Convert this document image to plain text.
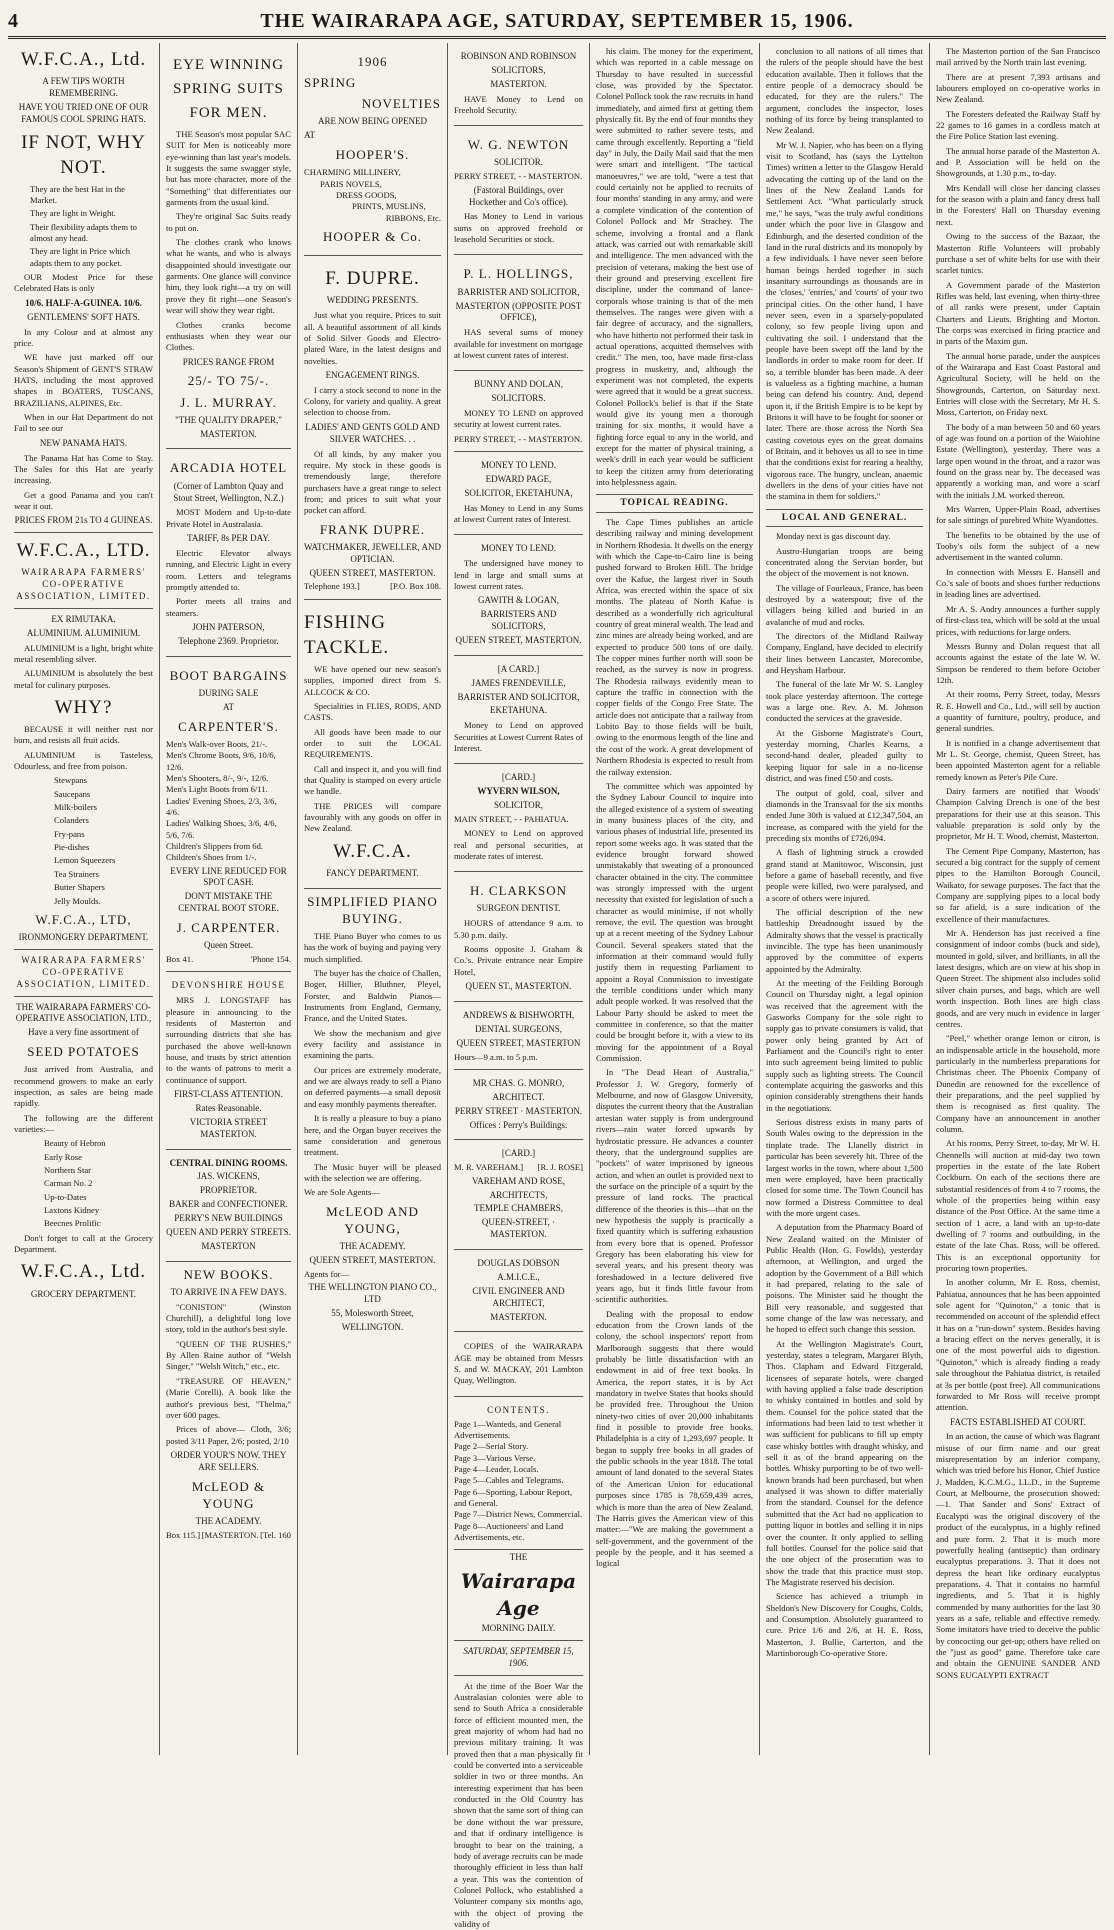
4	THE WAIRARAPA AGE, SATURDAY, SEPTEMBER 15, 1906.
W.F.C.A., Ltd.
A FEW TIPS WORTH REMEMBERING.
HAVE YOU TRIED ONE OF OUR FAMOUS COOL SPRING HATS.
IF NOT, WHY NOT.
They are the best Hat in the Market.
They are light in Weight.
Their flexibility adapts them to almost any head.
They are light in Price which adapts them to any pocket.

OUR Modest Price for these Celebrated Hats is only

10/6. HALF-A-GUINEA. 10/6.
GENTLEMENS' SOFT HATS.

In any Colour and at almost any price.

WE have just marked off our Season's Shipment of GENT'S STRAW HATS, including the most approved shapes in BOATERS, TUSCANS, BRAZILIANS, ALPINES, Etc.

When in our Hat Department do not Fail to see our

NEW PANAMA HATS.

The Panama Hat has Come to Stay. The Sales for this Hat are yearly increasing.

Get a good Panama and you can't wear it out.

PRICES FROM 21s TO 4 GUINEAS.
W.F.C.A., LTD.
WAIRARAPA FARMERS' CO-OPERATIVE ASSOCIATION, LIMITED.
EX RIMUTAKA.
ALUMINIUM. ALUMINIUM.

ALUMINIUM is a light, bright white metal resembling silver.

ALUMINIUM is absolutely the best metal for culinary purposes.

WHY?

BECAUSE it will neither rust nor burn, and resists all fruit acids.

ALUMINIUM is Tasteless, Odourless, and free from poison.

Stewpans
Saucepans
Milk-boilers
Colanders
Fry-pans
Pie-dishes
Lemon Squeezers
Tea Strainers
Butter Shapers
Jelly Moulds.
W.F.C.A., LTD,
IRONMONGERY DEPARTMENT.
WAIRARAPA FARMERS' CO-OPERATIVE ASSOCIATION, LIMITED.
THE WAIRARAPA FARMERS' CO-OPERATIVE ASSOCIATION, LTD.,
Have a very fine assortment of
SEED POTATOES

Just arrived from Australia, and recommend growers to make an early inspection, as sales are being made rapidly.

The following are the different varieties:—

Beauty of Hebron
Early Rose
Northern Star
Carman No. 2
Up-to-Dates
Laxtons Kidney
Beecnes Prolific

Don't forget to call at the Grocery Department.

W.F.C.A., Ltd.
GROCERY DEPARTMENT.
EYE WINNING SPRING SUITS FOR MEN.

THE Season's most popular SAC SUIT for Men is noticeably more eye-winning than last year's models. It suggests the same swagger style, but has more character, more of the "Something" that differentiates our garments from the usual kind.

They're original Sac Suits ready to put on.

The clothes crank who knows what he wants, and who is always disappointed should investigate our garments. One glance will convince him, they look right—a try on will prove they fit right—one Season's wear will show they wear right.

Clothes cranks become enthusiasts when they wear our Clothes.

PRICES RANGE FROM
25/- TO 75/-.
J. L. MURRAY.
"THE QUALITY DRAPER,"
MASTERTON.
ARCADIA HOTEL
(Corner of Lambton Quay and Stout Street, Wellington, N.Z.)

MOST Modern and Up-to-date Private Hotel in Australasia.

TARIFF, 8s PER DAY.

Electric Elevator always running, and Electric Light in every room. Letters and telegrams promptly attended to.

Porter meets all trains and steamers.

JOHN PATERSON,
Telephone 2369. Proprietor.
BOOT BARGAINS
DURING SALE
AT
CARPENTER'S.
Men's Walk-over Boots, 21/-.
Men's Chrome Boots, 9/6, 10/6, 12/6.
Men's Shooters, 8/-, 9/-, 12/6.
Men's Light Boots from 6/11.
Ladies' Evening Shoes, 2/3, 3/6, 4/6.
Ladies' Walking Shoes, 3/6, 4/6, 5/6, 7/6.
Children's Slippers from 6d.
Children's Shoes from 1/-.
EVERY LINE REDUCED FOR SPOT CASH.
DON'T MISTAKE THE CENTRAL BOOT STORE.
J. CARPENTER.
Queen Street.
Box 41.	'Phone 154.
DEVONSHIRE HOUSE

MRS J. LONGSTAFF has pleasure in announcing to the residents of Masterton and surrounding districts that she has purchased the above well-known house, and trusts by strict attention to the wants of patrons to merit a continuance of support.

FIRST-CLASS ATTENTION.
Rates Reasonable.
VICTORIA STREET MASTERTON.
CENTRAL DINING ROOMS.
JAS. WICKENS,
PROPRIETOR.
BAKER and CONFECTIONER.
PERRY'S NEW BUILDINGS
QUEEN AND PERRY STREETS.
MASTERTON
NEW BOOKS.
TO ARRIVE IN A FEW DAYS.

"CONISTON" (Winston Churchill), a delightful long love story, told in the author's best style.

"QUEEN OF THE RUSHES," By Allen Raine author of "Welsh Singer," "Welsh Witch," etc., etc.

"TREASURE OF HEAVEN," (Marie Corelli). A book like the author's previous best, "Thelma," over 600 pages.

Prices of above— Cloth, 3/6; posted 3/11 Paper, 2/6; posted, 2/10

ORDER YOUR'S NOW. THEY ARE SELLERS.
McLEOD & YOUNG
THE ACADEMY.
Box 115.] [MASTERTON. [Tel. 160
1906
SPRING
NOVELTIES
ARE NOW BEING OPENED
AT
HOOPER'S.
CHARMING MILLINERY,
PARIS NOVELS,
DRESS GOODS,
PRINTS, MUSLINS,
RIBBONS, Etc.
HOOPER & Co.
F. DUPRE.
WEDDING PRESENTS.

Just what you require. Prices to suit all. A beautiful assortment of all kinds of Solid Silver Goods and Electro-plated Ware, in the latest designs and novelties.

ENGAGEMENT RINGS.

I carry a stock second to none in the Colony, for variety and quality. A great selection to choose from.

LADIES' AND GENTS GOLD AND SILVER WATCHES. . .

Of all kinds, by any maker you require. My stock in these goods is tremendously large, therefore purchasers have a great range to select from; and prices to suit what your pocket can afford.

FRANK DUPRE.
WATCHMAKER, JEWELLER, AND OPTICIAN.
QUEEN STREET, MASTERTON.
Telephone 193.]	[P.O. Box 108.
FISHING TACKLE.

WE have opened our new season's supplies, imported direct from S. ALLCOCK & CO.

Specialities in FLIES, RODS, AND CASTS.

All goods have been made to our order to suit the LOCAL REQUIREMENTS.

Call and inspect it, and you will find that Quality is stamped on every article we handle.

THE PRICES will compare favourably with any goods on offer in New Zealand.

W.F.C.A.
FANCY DEPARTMENT.
SIMPLIFIED PIANO BUYING.

THE Piano Buyer who comes to us has the work of buying and paying very much simplified.

The buyer has the choice of Challen, Boger, Hillier, Bluthner, Pleyel, Forster, and Baldwin Pianos—Instruments from England, Germany, France, and the United States.

We show the mechanism and give every facility and assistance in examining the parts.

Our prices are extremely moderate, and we are always ready to sell a Piano on deferred payments—a small deposit and easy monthly payments thereafter.

It is really a pleasure to buy a piano here, and the Organ buyer receives the same consideration and generous treatment.

The Music buyer will be pleased with the selection we are offering.

We are Sole Agents—
McLEOD AND YOUNG,
THE ACADEMY.
QUEEN STREET, MASTERTON.
Agents for—
THE WELLINGTON PIANO CO., LTD
55, Molesworth Street,
WELLINGTON.
ROBINSON AND ROBINSON
SOLICITORS,
MASTERTON.

HAVE Money to Lend on Freehold Security.

W. G. NEWTON
SOLICITOR.
PERRY STREET, - - MASTERTON.
(Fastoral Buildings, over Hockether and Co's office).

Has Money to Lend in various sums on approved freehold or leasehold Securities or stock.

P. L. HOLLINGS,
BARRISTER AND SOLICITOR,
MASTERTON (OPPOSITE POST OFFICE),

HAS several sums of money available for investment on mortgage at lowest current rates of interest.

BUNNY AND DOLAN,
SOLICITORS.

MONEY TO LEND on approved security at lowest current rates.

PERRY STREET, - - MASTERTON.
MONEY TO LEND.
EDWARD PAGE,
SOLICITOR, EKETAHUNA,

Has Money to Lend in any Sums at lowest Current rates of Interest.

MONEY TO LEND.

The undersigned have money to lend in large and small sums at lowest current rates.

GAWITH & LOGAN,
BARRISTERS AND SOLICITORS,
QUEEN STREET, MASTERTON.
[A CARD.]
JAMES FRENDEVILLE,
BARRISTER AND SOLICITOR,
EKETAHUNA.

Money to Lend on approved Securities at Lowest Current Rates of Interest.

[CARD.]
WYVERN WILSON,
SOLICITOR,
MAIN STREET, - - PAHIATUA.

MONEY to Lend on approved real and personal securities, at moderate rates of interest.

H. CLARKSON
SURGEON DENTIST.

HOURS of attendance 9 a.m. to 5.30 p.m. daily.

Rooms opposite J. Graham & Co.'s. Private entrance near Empire Hotel,

QUEEN ST., MASTERTON.
ANDREWS & BISHWORTH,
DENTAL SURGEONS,
QUEEN STREET, MASTERTON
Hours—9 a.m. to 5 p.m.
MR CHAS. G. MONRO,
ARCHITECT.
PERRY STREET · MASTERTON.
Offices : Perry's Buildings.
[CARD.]
M. R. VAREHAM.] [R. J. ROSE]
VAREHAM AND ROSE,
ARCHITECTS,
TEMPLE CHAMBERS,
QUEEN-STREET, · MASTERTON.
DOUGLAS DOBSON
A.M.I.C.E.,
CIVIL ENGINEER AND ARCHITECT,
MASTERTON.

COPIES of the WAIRARAPA AGE may be obtained from Messrs S. and W. MACKAY, 201 Lambton Quay, Wellington.

CONTENTS.
Page 1—Wanteds, and General Advertisements.
Page 2—Serial Story.
Page 3—Various Verse.
Page 4—Leader, Locals.
Page 5—Cables and Telegrams.
Page 6—Sporting, Labour Report, and General.
Page 7—District News, Commercial.
Page 8—Auctioneers' and Land Advertisements, etc.
THE
Wairarapa Age
MORNING DAILY.
SATURDAY, SEPTEMBER 15, 1906.

At the time of the Boer War the Australasian colonies were able to send to South Africa a considerable force of efficient mounted men, the great majority of whom had had no previous military training. It was proved then that a man physically fit could be converted into a serviceable soldier in two or three months. An interesting experiment that has been conducted in the Old Country has shown that the same sort of thing can be done without the war pressure, and that if ordinary intelligence is brought to bear on the training, a body of average recruits can be made thoroughly efficient in less than half a year. This was the contention of Colonel Pollock, who established a Volunteer company six months ago, with the object of proving the validity of

his claim. The money for the experiment, which was reported in a cable message on Thursday to have resulted in successful close, was provided by the Spectator. Colonel Pollock took the raw recruits in hand immediately, and aimed first at getting them physically fit. By the end of four months they were submitted to rather severe tests, and came through excellently. Reporting a "field day" in July, the Daily Mail said that the men were smart and intelligent. "The tactical manoeuvres," we are told, "were a test that could certainly not be applied to recruits of four months' standing in any army, and were a complete vindication of the contention of Colonel Pollock and Mr Strachey. The scheme, involving a frontal and a flank attack, was carried out with remarkable skill and intelligence. The men advanced with the precision of veterans, making the best use of their ground and preserving excellent fire discipline, under the command of lance-corporals whose training is that of the men themselves. The ranges were given with a fair degree of accuracy, and the signallers, who have hitherto not performed their task in actual operations, acquitted themselves with credit." The men, too, have made first-class progress in musketry, and, although the experiment was not completed, the experts were agreed that it would be a great success. Colonel Pollock's belief is that if the State would give its young men a thorough training for six months, it would have a fighting force equal to any in the world, and except for the matter of physical training, a week's drill in each year would be sufficient to keep the citizen army from deteriorating into helplessness again.

TOPICAL READING.

The Cape Times publishes an article describing railway and mining development in Northern Rhodesia. It dwells on the energy with which the Cape-to-Cairo line is being pushed forward to Broken Hill. The bridge over the Kafue, the largest river in South Africa, was erected within the space of six months. The plateau of North Kafue is described as a wonderfully rich agricultural country of great mineral wealth. The lead and zinc mines are already being worked, and are expected to produce 500 tons of ore daily. The copper mines further north will soon be reached, as the survey is now in progress. The Rhodesia railways evidently mean to capture the traffic in connection with the copper fields of the Congo Free State. The article does not anticipate that a railway from Lobito Bay to those fields will be built, owing to the enormous length of the line and the cost of the work. A great development of Northern Rhodesia is expected to result from the railway extension.

The committee which was appointed by the Sydney Labour Council to inquire into the alleged existence of a system of sweating in many business places of the city, and various phases of industrial life, presented its report some weeks ago. It was stated that the evidence brought forward showed unmistakably that sweating of a pronounced character obtained in the city. The committee was strongly impressed with the urgent necessity that existed for legislation of such a character as would minimise, if not wholly remove, the evil. The question was brought up at a recent meeting of the Sydney Labour Council. Several speakers stated that the information at their command would fully justify them in requesting Parliament to appoint a Royal Commission to investigate the terrible conditions under which many adult people worked. It was resolved that the Labour Party should be asked to meet the committee in conference, so that the matter could be brought before it, with a view to its moving for the appointment of a Royal Commission.

In "The Dead Heart of Australia," Professor J. W. Gregory, formerly of Melbourne, and now of Glasgow University, disputes the current theory that the Australian artesian water supply is from underground rivers—rain water forced upwards by hydrostatic pressure. He advances a counter theory, that the underground supplies are "pockets" of water imprisoned by igneous action, and when an outlet is provided next to the surface on the principle of a squirt by the pressure of land rocks. The practical difference of the theories is this—that on the new hypothesis the supply is practically a fixed quantity which is suffering exhaustion from every bore that is opened. Professor Gregory has been elaborating his view for several years, and his present theory was foreshadowed in a lecture delivered five years ago, but it finds little favour from scientific authorities.

Dealing with the proposal to endow education from the Crown lands of the colony, the school inspectors' report from Marlborough suggests that there would probably be little dissatisfaction with an endowment in aid of free text books. In America, the report states, it is by Act mandatory in twelve States that books should be provided free. Throughout the Union ninety-two cities of over 20,000 inhabitants find it possible to provide free books. Philadelphia is a city of 1,293,697 people. It began to supply free books in all grades of the public schools in the year 1818. The total amount of land donated to the several States of the American Union for educational purposes since 1785 is 78,659,439 acres, which is more than the area of New Zealand. The Harris gives the American view of this matter:—"We are making the government a self-government, and the government of the people by the people, and it has seemed a logical

conclusion to all nations of all times that the rulers of the people should have the best education available. Then it follows that the entire people of a democracy should be educated, for they are the rulers." The argument, concludes the inspector, loses nothing of its force by being transplanted to New Zealand.

Mr W. J. Napier, who has been on a flying visit to Scotland, has (says the Lyttelton Times) written a letter to the Glasgow Herald advocating the cutting up of the land on the lines of the New Zealand Lands for Settlement Act. "What particularly struck me," he says, "was the truly awful conditions under which the poor live in Glasgow and Edinburgh, and the deserted condition of the land in the rural districts and its monopoly by a few individuals. I have never seen before human beings herded together in such insanitary surroundings as thousands are in the 'closes,' 'entries,' and 'courts' of your two principal cities. On the other hand, I have never seen, even in a sparsely-populated colony, so few people living upon and cultivating the soil. I understand that the people have been swept off the land by the landlords in order to make room for deer. If so, a terrible blunder has been made. A deer is valueless as a fighting machine, a human being can defend his country. And, depend upon it, if the British Empire is to be kept by Britons it will have to be fought for sooner or later. There are those across the North Sea casting covetous eyes on the great domains of Britain, and it behoves us all to see in time that the conditions exist for rearing a healthy, vigorous race. The hungry, unclean, anaemic dwellers in the dens of your cities have not the stamina in them for soldiers."

LOCAL AND GENERAL.

Monday next is gas discount day.

Austro-Hungarian troops are being concentrated along the Servian border, but the object of the movement is not known.

The village of Fourleaux, France, has been destroyed by a waterspout; five of the villagers being killed and buried in an avalanche of mud and rocks.

The directors of the Midland Railway Company, England, have decided to electrify their lines between Lancaster, Morecombe, and Heysham Harbour.

The funeral of the late Mr W. S. Langley took place yesterday afternoon. The cortege was a large one. Rev. A. M. Johnson conducted the services at the graveside.

At the Gisborne Magistrate's Court, yesterday morning, Charles Kearns, a second-hand dealer, pleaded guilty to keeping liquor for sale in a no-license district, and was fined £50 and costs.

The output of gold, coal, silver and diamonds in the Transvaal for the six months ended June 30th is valued at £12,347,504, an increase, as compared with the yield for the preceding six months of £726,094.

A flash of lightning struck a crowded grand stand at Manitowoc, Wisconsin, just before a game of baseball recently, and five people were killed, two were paralysed, and a score of others were injured.

The official description of the new battleship Dreadnought issued by the Admiralty shows that the vessel is practically invincible. The type has been unanimously approved by the committee of experts appointed by the Admiralty.

At the meeting of the Feilding Borough Council on Thursday night, a legal opinion was received that the agreement with the Gasworks Company for the sole right to supply gas to private consumers is valid, that power only being granted by Act of Parliament and the Council's right to enter into such agreement being limited to public supply such as lighting streets. The Council contemplate acquiring the gasworks and this opinion considerably strengthens their hands in the negotiations.

Serious distress exists in many parts of South Wales owing to the depression in the tinplate trade. The Llanelly district in particular has been severely hit. Three of the largest works in the town, where about 1,500 men were employed, have been practically closed for some time. The Town Council has now formed a Distress Committee to deal with the more urgent cases.

A deputation from the Pharmacy Board of New Zealand waited on the Minister of Public Health (Hon. G. Fowlds), yesterday afternoon, at Wellington, and urged the adoption by the Government of a Bill which it had prepared, relating to the sale of poisons. The Minister said he thought the Bill very reasonable, and suggested that some change of the law was necessary, and he hoped to effect such change this session.

At the Wellington Magistrate's Court, yesterday, states a telegram, Margaret Blyth, Thos. Clapham and Edward Fitzgerald, licensees of separate hotels, were charged with having applied a false trade description to whisky contained in bottles and sold by them. Counsel for the police stated that the informations had been laid to test whether it was sufficient for publicans to fill up empty case whisky bottles with draught whisky, and sell it as of the brand appearing on the bottles. Whisky purporting to be of two well-known brands had been purchased, but when analysed it was shown to differ materially from the standard. Counsel for the defence submitted that the Act had no application to putting liquor in bottles and selling it in nips over the counter. It only applied to selling full bottles. Counsel for the police said that the one object of the prosecution was to show the trade that this practice must stop. The Magistrate reserved his decision.

Science has achieved a triumph in Sheldon's New Discovery for Coughs, Colds, and Consumption. Absolutely guaranteed to cure. Price 1/6 and 2/6, at H. E. Ross, Masterton, J. Bullie, Carterton, and the Martinborough Co-operative Store.

The Masterton portion of the San Francisco mail arrived by the North train last evening.

There are at present 7,393 artisans and labourers employed on co-operative works in New Zealand.

The Foresters defeated the Railway Staff by 22 games to 16 games in a cordless match at the Fire Police Station last evening.

The annual horse parade of the Masterton A. and P. Association will be held on the Showgrounds, at 1.30 p.m., to-day.

Mrs Kendall will close her dancing classes for the season with a plain and fancy dress ball in the Foresters' Hall on Thursday evening next.

Owing to the success of the Bazaar, the Masterton Rifle Volunteers will probably purchase a set of white belts for use with their scarlet tunics.

A Government parade of the Masterton Rifles was held, last evening, when thirty-three of all ranks were present, under Captain Charters and Lieuts. Brighting and Morton. The corps was exercised in firing practice and in parts of the Maxim gun.

The annual horse parade, under the auspices of the Wairarapa and East Coast Pastoral and Agricultural Society, will be held on the Showgrounds, Carterton, on Saturday next. Entries will close with the Secretary, Mr H. S. Moss, Carterton, on Friday next.

The body of a man between 50 and 60 years of age was found on a portion of the Waiohine Estate (Wellington), yesterday. There was a large open wound in the throat, and a razor was found on the grass near by. The deceased was apparently a working man, and wore a scarf with the initials J.M. worked thereon.

Mrs Warren, Upper-Plain Road, advertises for sale sittings of purebred White Wyandottes.

The benefits to be obtained by the use of Tooby's oils form the subject of a new advertisement in the wanted column.

In connection with Messrs E. Hansell and Co.'s sale of boots and shoes further reductions in leading lines are advertised.

Mr A. S. Andry announces a further supply of first-class tea, which will be sold at the usual prices, with reductions for large orders.

Messrs Bunny and Dolan request that all accounts against the estate of the late W. W. Simpson be rendered to them before October 12th.

At their rooms, Perry Street, today, Messrs R. E. Howell and Co., Ltd., will sell by auction a quantity of furniture, poultry, produce, and general sundries.

It is notified in a change advertisement that Mr L. St. George, chemist, Queen Street, has been appointed Masterton agent for a reliable remedy known as Peter's Pile Cure.

Dairy farmers are notified that Woods' Champion Calving Drench is one of the best preparations for their use at this season. This valuable preparation is sold only by the proprietor, Mr H. T. Wood, chemist, Masterton.

The Cement Pipe Company, Masterton, has secured a big contract for the supply of cement pipes to the Hamilton Borough Council, Waikato, for sewage purposes. The fact that the Company are supplying pipes to a local body so far afield, is a sure indication of the excellence of their manufactures.

Mr A. Henderson has just received a fine consignment of indoor combs (buck and side), mounted in gold, silver, and brilliants, in all the latest designs, which are on view at his shop in Queen Street. The shipment also includes solid silver chain purses, and bags, which are well worth inspection. Both lines are high class goods, and are very much in evidence in larger centres.

"Peel," whether orange lemon or citron, is an indispensable article in the household, more particularly in the numberless preparations for Christmas cheer. The Phoenix Company of Dunedin are renowned for the excellence of their preparations, and the peel supplied by them is recognised as first quality. The Company have an announcement in another column.

At his rooms, Perry Street, to-day, Mr W. H. Chennells will auction at mid-day two town properties in the estate of the late Robert Cockburn. On each of the sections there are substantial residences of from 4 to 7 rooms, the whole of the properties being within easy distance of the Post Office. At the same time a section of 1 acre, a land with an up-to-date dwelling of 7 rooms and outbuilding, in the estate of the late Chas. Ross, will be offered. This is an exceptional opportunity for procuring town properties.

In another column, Mr E. Ross, chemist, Pahiatua, announces that he has been appointed sole agent for "Quinoton," a tonic that is recommended on account of the splendid effect it has on a "run-down" system. Besides having a bracing effect on the nerves generally, it is one of the most powerful aids to digestion. "Quinoton," which is already finding a ready sale throughout the Pahiatua district, is retailed at 3s per bottle (post free). All communications forwarded to Mr Ross will receive prompt attention.

FACTS ESTABLISHED AT COURT.

In an action, the cause of which was flagrant misuse of our firm name and our great misrepresentation by an inferior company, which was tried before his Honor, Chief Justice J. Madden, K.C.M.G., LL.D., in the Supreme Court, at Melbourne, the prosecution showed:—1. That Sander and Sons' Extract of Eucalypti was the original discovery of the product of the eucalyptus, in a highly refined and pure form. 2. That it is much more powerfully healing (antiseptic) than ordinary eucalyptus preparations. 3. That it does not depress the heart like ordinary eucalyptus preparations. 4. That it contains no harmful ingredients, and 5. That it is highly commended by many authorities for the last 30 years as a safe, reliable and effective remedy. Some imitators have tried to deceive the public by concocting our get-up; others have relied on the "just as good" game. Therefore take care and obtain the GENUINE SANDER AND SONS EUCALYPTI EXTRACT
